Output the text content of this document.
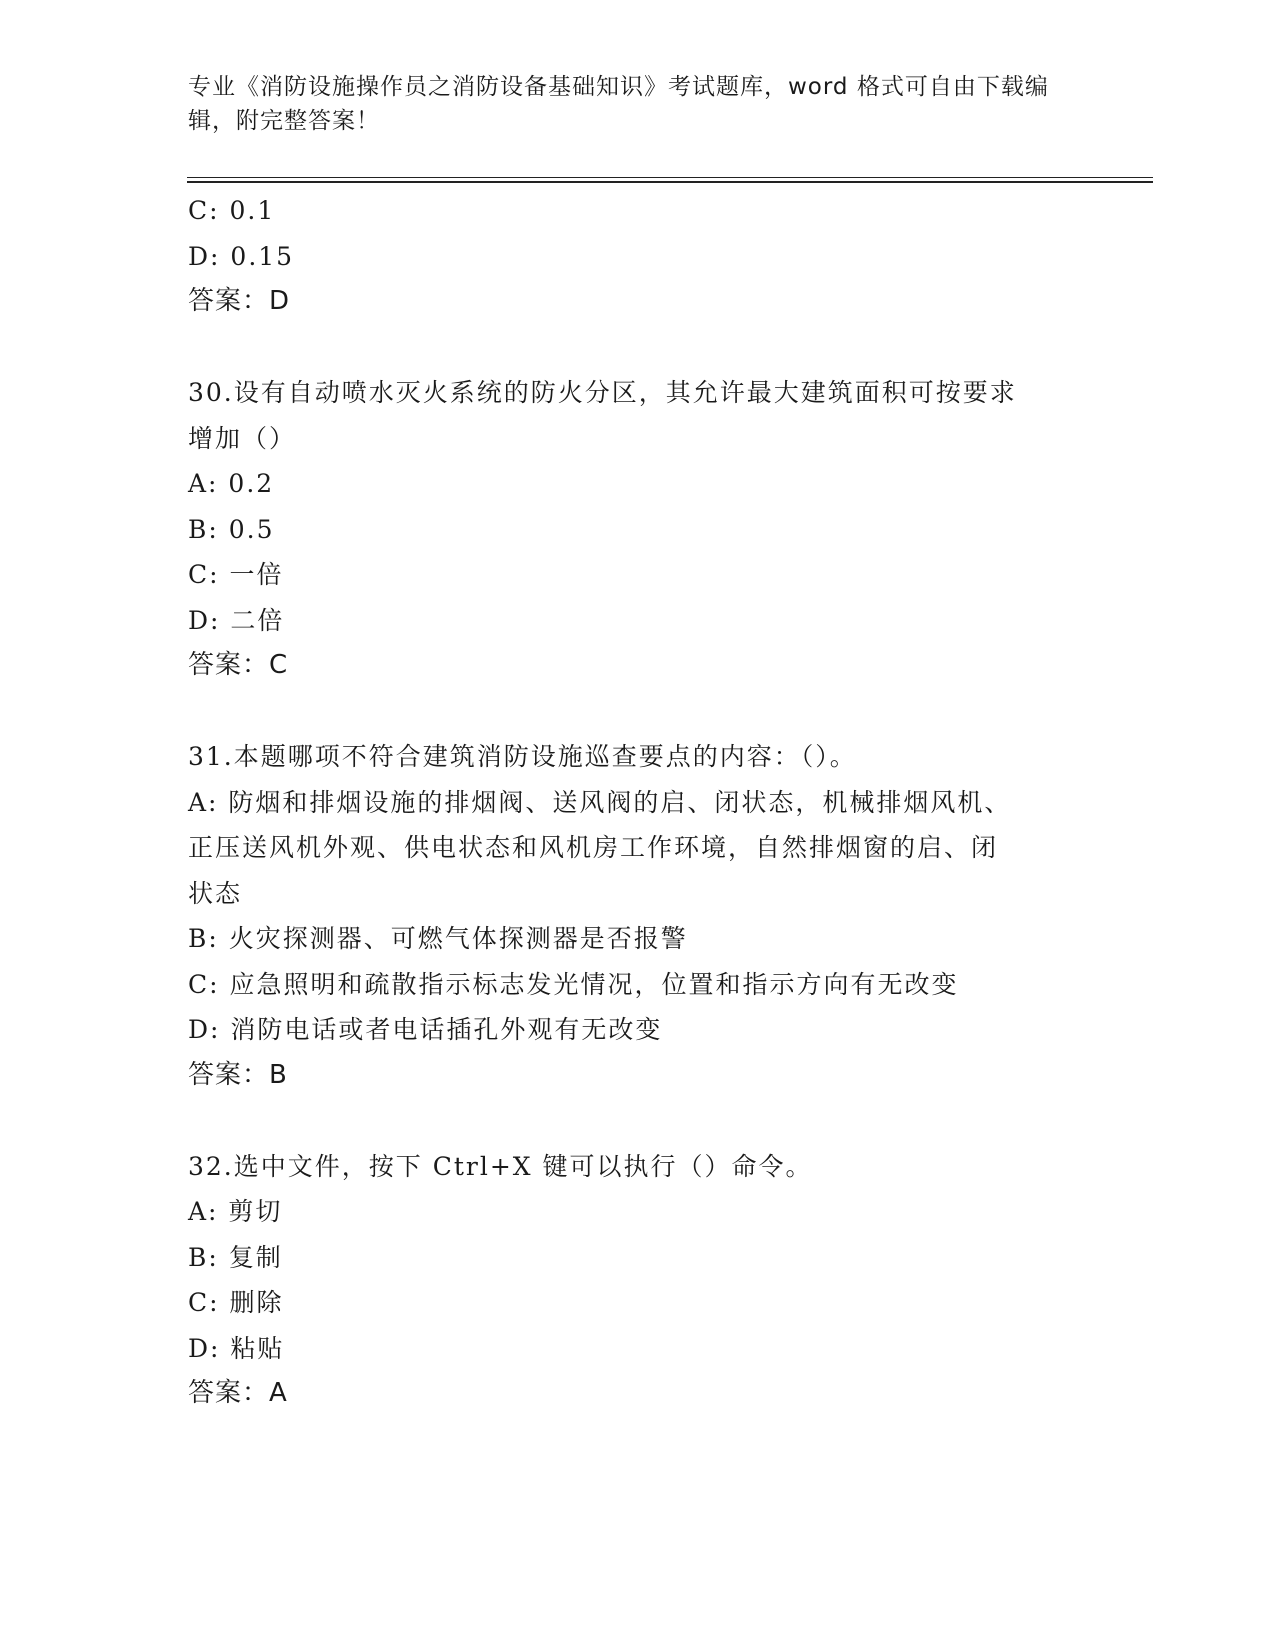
专业《消防设施操作员之消防设备基础知识》考试题库，word 格式可自由下载编
辑，附完整答案！
C: 0.1
D: 0.15
答案：D
30.设有自动喷水灭火系统的防火分区，其允许最大建筑面积可按要求
增加（）
A: 0.2
B: 0.5
C: 一倍
D: 二倍
答案：C
31.本题哪项不符合建筑消防设施巡查要点的内容：（）。
A: 防烟和排烟设施的排烟阀、送风阀的启、闭状态，机械排烟风机、
正压送风机外观、供电状态和风机房工作环境，自然排烟窗的启、闭
状态
B: 火灾探测器、可燃气体探测器是否报警
C: 应急照明和疏散指示标志发光情况，位置和指示方向有无改变
D: 消防电话或者电话插孔外观有无改变
答案：B
32.选中文件，按下 Ctrl+X 键可以执行（）命令。
A: 剪切
B: 复制
C: 删除
D: 粘贴
答案：A
